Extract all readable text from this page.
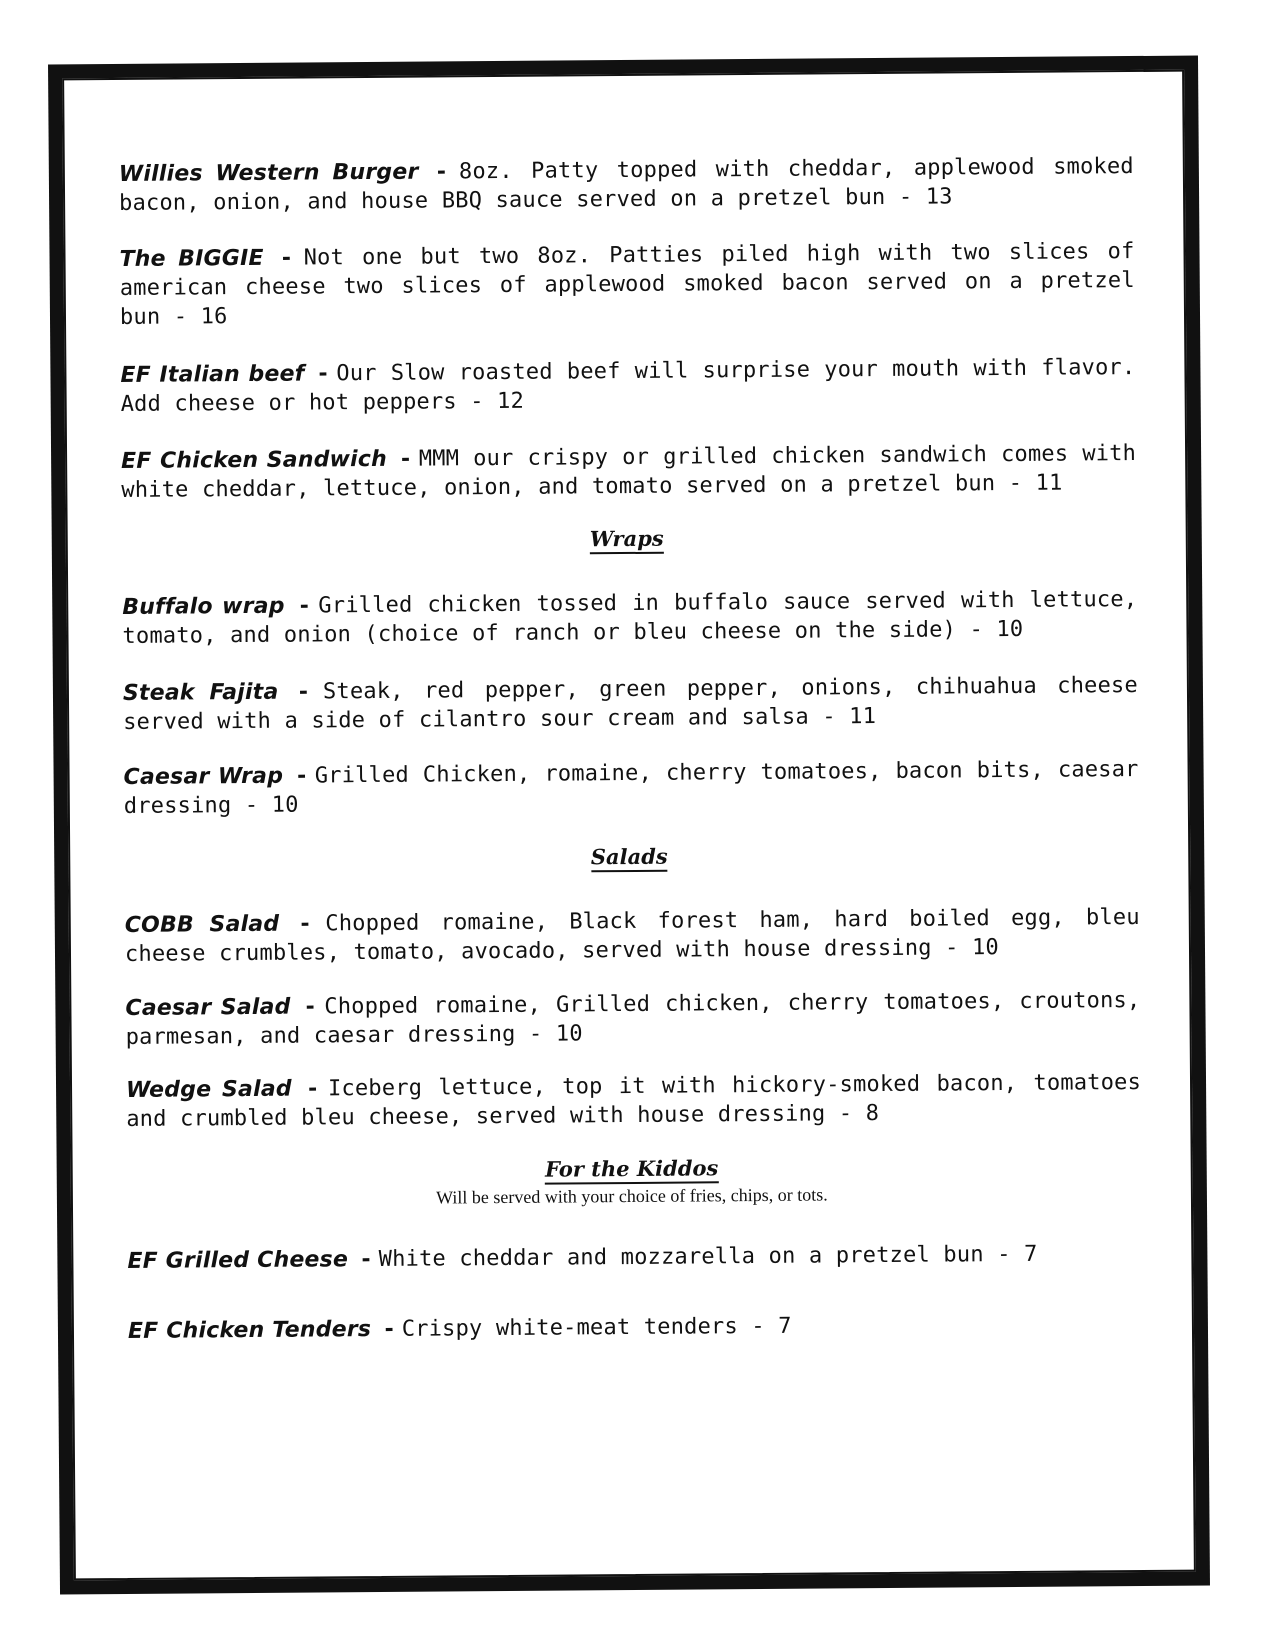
Willies Western Burger - 8oz. Patty topped with cheddar, applewood smoked bacon, onion, and house BBQ sauce served on a pretzel bun - 13
The BIGGIE - Not one but two 8oz. Patties piled high with two slices of american cheese two slices of applewood smoked bacon served on a pretzel bun - 16
EF Italian beef - Our Slow roasted beef will surprise your mouth with flavor. Add cheese or hot peppers - 12
EF Chicken Sandwich - MMM our crispy or grilled chicken sandwich comes with white cheddar, lettuce, onion, and tomato served on a pretzel bun - 11
Wraps
Buffalo wrap - Grilled chicken tossed in buffalo sauce served with lettuce, tomato, and onion (choice of ranch or bleu cheese on the side) - 10
Steak Fajita - Steak, red pepper, green pepper, onions, chihuahua cheese served with a side of cilantro sour cream and salsa - 11
Caesar Wrap - Grilled Chicken, romaine, cherry tomatoes, bacon bits, caesar dressing - 10
Salads
COBB Salad - Chopped romaine, Black forest ham, hard boiled egg, bleu cheese crumbles, tomato, avocado, served with house dressing - 10
Caesar Salad - Chopped romaine, Grilled chicken, cherry tomatoes, croutons, parmesan, and caesar dressing - 10
Wedge Salad - Iceberg lettuce, top it with hickory-smoked bacon, tomatoes and crumbled bleu cheese, served with house dressing - 8
For the Kiddos
Will be served with your choice of fries, chips, or tots.
EF Grilled Cheese - White cheddar and mozzarella on a pretzel bun - 7
EF Chicken Tenders - Crispy white-meat tenders - 7
